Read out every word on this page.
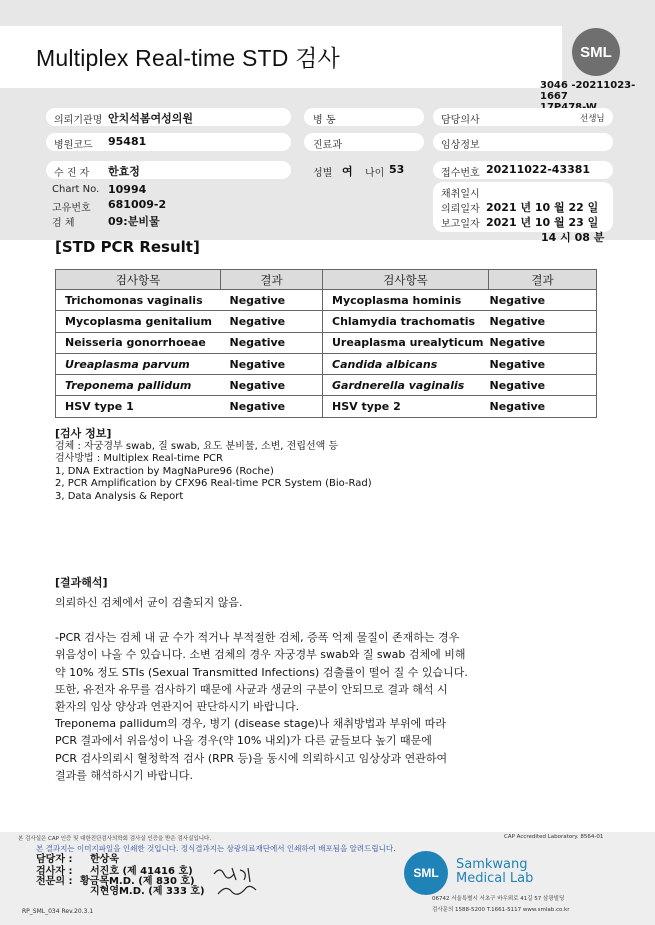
Multiplex Real-time STD 검사	SML
3046 -20211023-1667
의뢰기관명 안치석봄여성의원	병 동	담당의사	선생님
병원코드 95481	진료과	임상정보
수 진 자 한효정	성별 여 나이 53	접수번호 20211022-43381
Chart No. 10994
고유번호 681009-2
검 체	09:분비물
채취일시
의뢰일자 2021 년 10 월 22 일
보고일자 2021 년 10 월 23 일
14 시 08 분
[STD PCR Result]
검사항목	결과	검사항목	결과
Trichomonas vaginalis	Negative	Mycoplasma hominis	Negative
Mycoplasma genitalium	Negative	Chlamydia trachomatis	Negative
Neisseria gonorrhoeae	Negative	Ureaplasma urealyticum	Negative
Ureaplasma parvum	Negative	Candida albicans	Negative
Treponema pallidum	Negative	Gardnerella vaginalis	Negative
HSV type 1	Negative	HSV type 2	Negative
[검사 정보]
검체 : 자궁경부 swab, 질 swab, 요도 분비물, 소변, 전립선액 등
검사방법 : Multiplex Real-time PCR
1, DNA Extraction by MagNaPure96 (Roche)
2, PCR Amplification by CFX96 Real-time PCR System (Bio-Rad)
3, Data Analysis & Report
[결과해석]
의뢰하신 검체에서 균이 검출되지 않음.
-PCR 검사는 검체 내 균 수가 적거나 부적절한 검체, 증폭 억제 물질이 존재하는 경우
위음성이 나올 수 있습니다. 소변 검체의 경우 자궁경부 swab와 질 swab 검체에 비해
약 10% 정도 STIs (Sexual Transmitted Infections) 검출률이 떨어 질 수 있습니다.
또한, 유전자 유무를 검사하기 때문에 사균과 생균의 구분이 안되므로 결과 해석 시
환자의 임상 양상과 연관지어 판단하시기 바랍니다.
Treponema pallidum의 경우, 병기 (disease stage)나 채취방법과 부위에 따라
PCR 결과에서 위음성이 나올 경우(약 10% 내외)가 다른 균들보다 높기 때문에
PCR 검사의뢰시 혈청학적 검사 (RPR 등)을 동시에 의뢰하시고 임상상과 연관하여
결과를 해석하시기 바랍니다.
본 검사실은 CAP 인증 및 대한진단검사의학회 검사실 인증을 받은 검사실입니다.	CAP Accredited Laboratory. 8564-01
본 결과지는 이미지파일을 인쇄한 것입니다. 정식결과지는 삼광의료재단에서 인쇄하여 배포됨을 알려드립니다.
담당자 : 한상욱
검사자 : 서진호 (제 41416 호)
전문의 : 황금목M.D. (제 830 호)
지현영M.D. (제 333 호)
SML
Samkwang
Medical Lab
06742 서울특별시 서초구 바우뫼로 41길 57 삼광빌딩
검사문의 1588-5200 T.1661-5117 www.smlab.co.kr
RP_SML_034 Rev.20.3.1
